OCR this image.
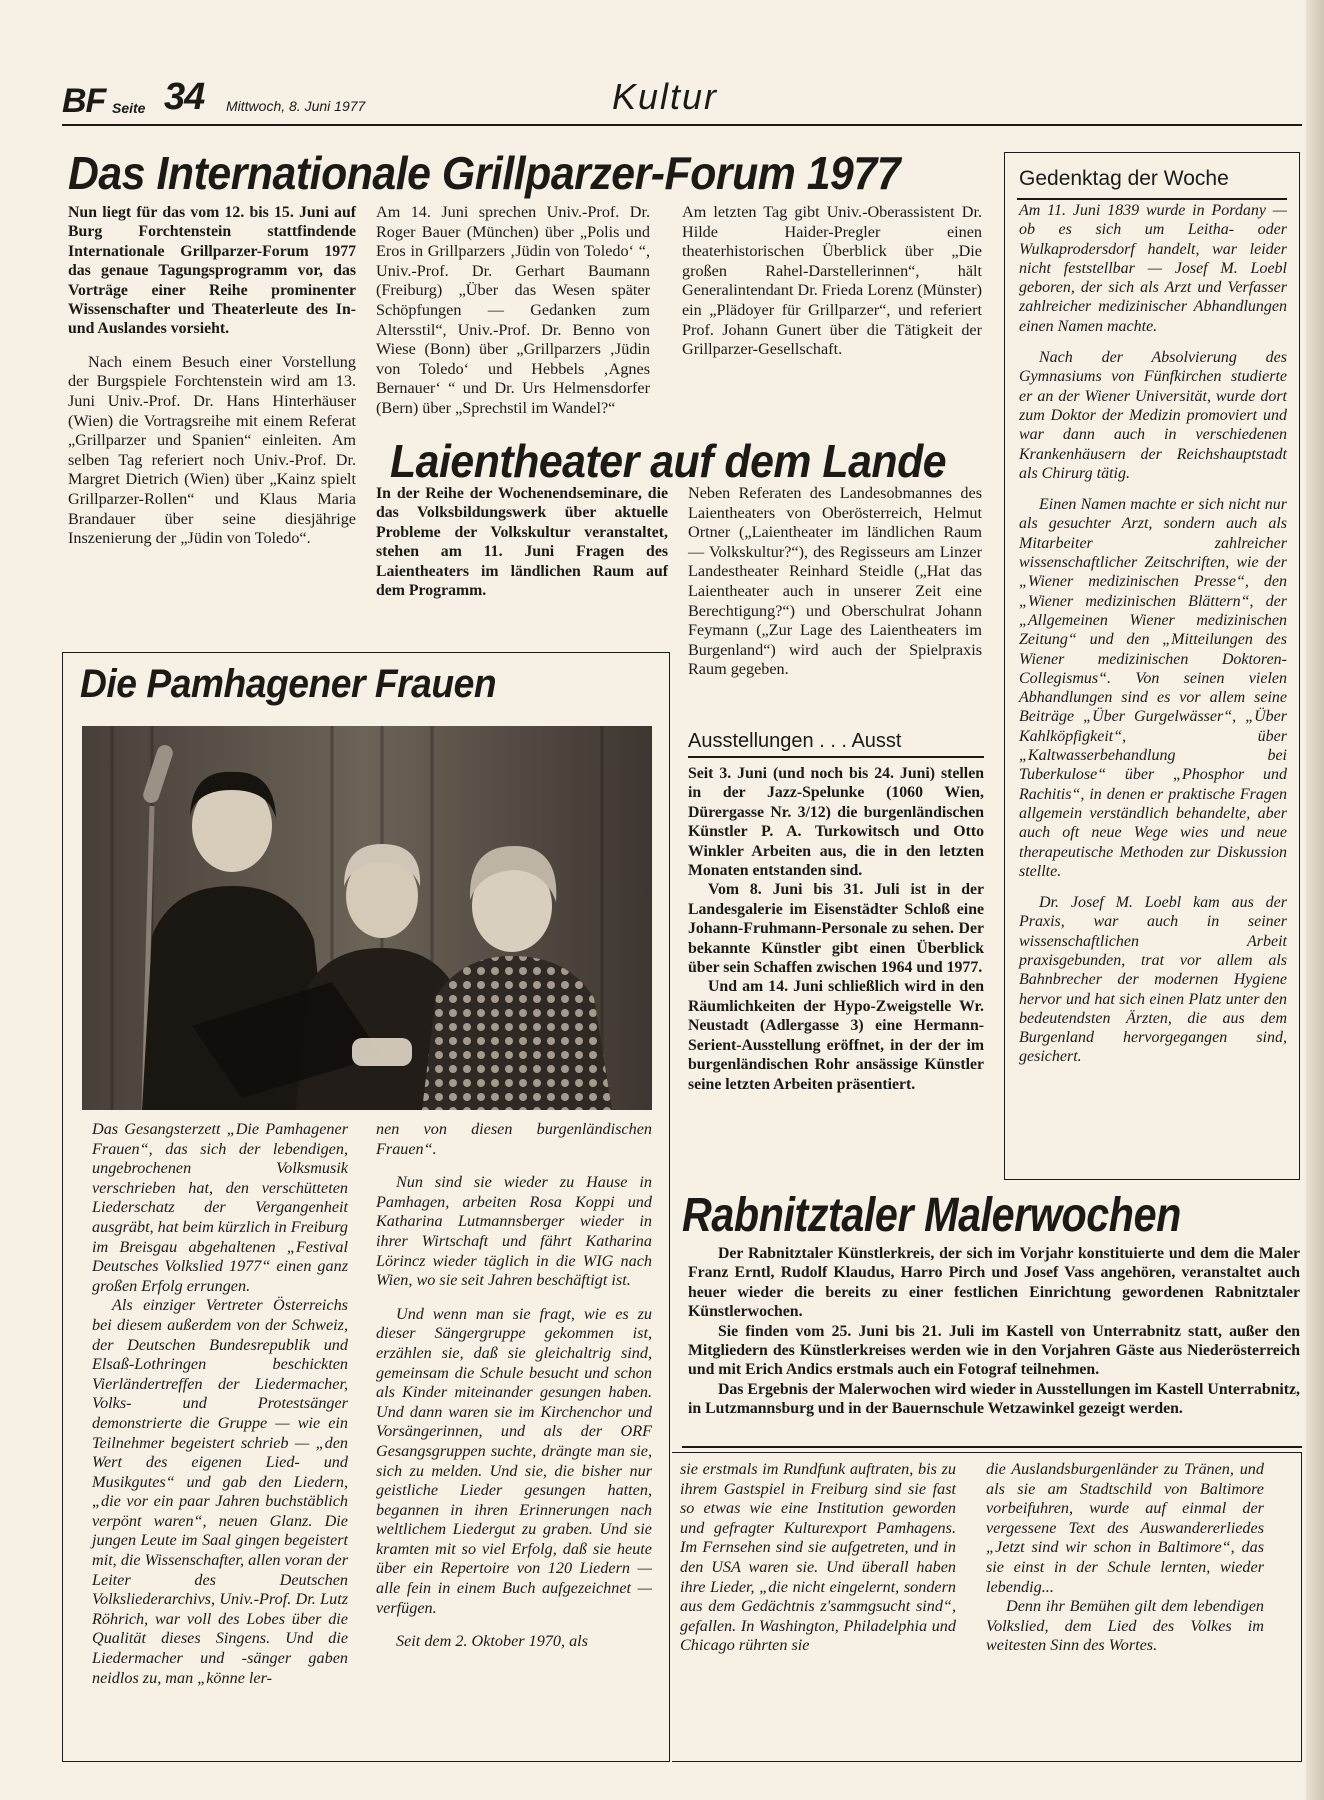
BF Seite 34 Mittwoch, 8. Juni 1977	Kultur
Das Internationale Grillparzer-Forum 1977

Nun liegt für das vom 12. bis 15. Juni auf Burg Forchtenstein stattfindende Internationale Grillparzer-Forum 1977 das genaue Tagungsprogramm vor, das Vorträge einer Reihe prominenter Wissenschafter und Theaterleute des In- und Auslandes vorsieht.

Nach einem Besuch einer Vorstellung der Burgspiele Forchtenstein wird am 13. Juni Univ.-Prof. Dr. Hans Hinterhäuser (Wien) die Vortragsreihe mit einem Referat „Grillparzer und Spanien“ einleiten. Am selben Tag referiert noch Univ.-Prof. Dr. Margret Dietrich (Wien) über „Kainz spielt Grillparzer-Rollen“ und Klaus Maria Brandauer über seine diesjährige Inszenierung der „Jüdin von Toledo“.

Am 14. Juni sprechen Univ.-Prof. Dr. Roger Bauer (München) über „Polis und Eros in Grillparzers ‚Jüdin von Toledo‘ “, Univ.-Prof. Dr. Gerhart Baumann (Freiburg) „Über das Wesen später Schöpfungen — Gedanken zum Altersstil“, Univ.-Prof. Dr. Benno von Wiese (Bonn) über „Grillparzers ‚Jüdin von Toledo‘ und Hebbels ‚Agnes Bernauer‘ “ und Dr. Urs Helmensdorfer (Bern) über „Sprechstil im Wandel?“

Am letzten Tag gibt Univ.-Oberassistent Dr. Hilde Haider-Pregler einen theaterhistorischen Überblick über „Die großen Rahel-Darstellerinnen“, hält Generalintendant Dr. Frieda Lorenz (Münster) ein „Plädoyer für Grillparzer“, und referiert Prof. Johann Gunert über die Tätigkeit der Grillparzer-Gesellschaft.

Gedenktag der Woche

Am 11. Juni 1839 wurde in Pordany — ob es sich um Leitha- oder Wulkaprodersdorf handelt, war leider nicht feststellbar — Josef M. Loebl geboren, der sich als Arzt und Verfasser zahlreicher medizinischer Abhandlungen einen Namen machte.

Nach der Absolvierung des Gymnasiums von Fünfkirchen studierte er an der Wiener Universität, wurde dort zum Doktor der Medizin promoviert und war dann auch in verschiedenen Krankenhäusern der Reichshauptstadt als Chirurg tätig.

Einen Namen machte er sich nicht nur als gesuchter Arzt, sondern auch als Mitarbeiter zahlreicher wissenschaftlicher Zeitschriften, wie der „Wiener medizinischen Presse“, den „Wiener medizinischen Blättern“, der „Allgemeinen Wiener medizinischen Zeitung“ und den „Mitteilungen des Wiener medizinischen Doktoren-Collegismus“. Von seinen vielen Abhandlungen sind es vor allem seine Beiträge „Über Gurgelwässer“, „Über Kahlköpfigkeit“, über „Kaltwasserbehandlung bei Tuberkulose“ über „Phosphor und Rachitis“, in denen er praktische Fragen allgemein verständlich behandelte, aber auch oft neue Wege wies und neue therapeutische Methoden zur Diskussion stellte.

Dr. Josef M. Loebl kam aus der Praxis, war auch in seiner wissenschaftlichen Arbeit praxisgebunden, trat vor allem als Bahnbrecher der modernen Hygiene hervor und hat sich einen Platz unter den bedeutendsten Ärzten, die aus dem Burgenland hervorgegangen sind, gesichert.

Laientheater auf dem Lande
In der Reihe der Wochenendseminare, die das Volksbildungswerk über aktuelle Probleme der Volkskultur veranstaltet, stehen am 11. Juni Fragen des Laientheaters im ländlichen Raum auf dem Programm.
Neben Referaten des Landesobmannes des Laientheaters von Oberösterreich, Helmut Ortner („Laientheater im ländlichen Raum — Volkskultur?“), des Regisseurs am Linzer Landestheater Reinhard Steidle („Hat das Laientheater auch in unserer Zeit eine Berechtigung?“) und Oberschulrat Johann Feymann („Zur Lage des Laientheaters im Burgenland“) wird auch der Spielpraxis Raum gegeben.
Ausstellungen . . . Ausst

Seit 3. Juni (und noch bis 24. Juni) stellen in der Jazz-Spelunke (1060 Wien, Dürergasse Nr. 3/12) die burgenländischen Künstler P. A. Turkowitsch und Otto Winkler Arbeiten aus, die in den letzten Monaten entstanden sind.

Vom 8. Juni bis 31. Juli ist in der Landesgalerie im Eisenstädter Schloß eine Johann-Fruhmann-Personale zu sehen. Der bekannte Künstler gibt einen Überblick über sein Schaffen zwischen 1964 und 1977.

Und am 14. Juni schließlich wird in den Räumlichkeiten der Hypo-Zweigstelle Wr. Neustadt (Adlergasse 3) eine Hermann-Serient-Ausstellung eröffnet, in der der im burgenländischen Rohr ansässige Künstler seine letzten Arbeiten präsentiert.

Die Pamhagener Frauen

Das Gesangsterzett „Die Pamhagener Frauen“, das sich der lebendigen, ungebrochenen Volksmusik verschrieben hat, den verschütteten Liederschatz der Vergangenheit ausgräbt, hat beim kürzlich in Freiburg im Breisgau abgehaltenen „Festival Deutsches Volkslied 1977“ einen ganz großen Erfolg errungen.

Als einziger Vertreter Österreichs bei diesem außerdem von der Schweiz, der Deutschen Bundesrepublik und Elsaß-Lothringen beschickten Vierländertreffen der Liedermacher, Volks- und Protestsänger demonstrierte die Gruppe — wie ein Teilnehmer begeistert schrieb — „den Wert des eigenen Lied- und Musikgutes“ und gab den Liedern, „die vor ein paar Jahren buchstäblich verpönt waren“, neuen Glanz. Die jungen Leute im Saal gingen begeistert mit, die Wissenschafter, allen voran der Leiter des Deutschen Volksliederarchivs, Univ.-Prof. Dr. Lutz Röhrich, war voll des Lobes über die Qualität dieses Singens. Und die Liedermacher und -sänger gaben neidlos zu, man „könne ler-

nen von diesen burgenländischen Frauen“.

Nun sind sie wieder zu Hause in Pamhagen, arbeiten Rosa Koppi und Katharina Lutmannsberger wieder in ihrer Wirtschaft und fährt Katharina Lörincz wieder täglich in die WIG nach Wien, wo sie seit Jahren beschäftigt ist.

Und wenn man sie fragt, wie es zu dieser Sängergruppe gekommen ist, erzählen sie, daß sie gleichaltrig sind, gemeinsam die Schule besucht und schon als Kinder miteinander gesungen haben. Und dann waren sie im Kirchenchor und Vorsängerinnen, und als der ORF Gesangsgruppen suchte, drängte man sie, sich zu melden. Und sie, die bisher nur geistliche Lieder gesungen hatten, begannen in ihren Erinnerungen nach weltlichem Liedergut zu graben. Und sie kramten mit so viel Erfolg, daß sie heute über ein Repertoire von 120 Liedern — alle fein in einem Buch aufgezeichnet — verfügen.

Seit dem 2. Oktober 1970, als

sie erstmals im Rundfunk auftraten, bis zu ihrem Gastspiel in Freiburg sind sie fast so etwas wie eine Institution geworden und gefragter Kulturexport Pamhagens. Im Fernsehen sind sie aufgetreten, und in den USA waren sie. Und überall haben ihre Lieder, „die nicht eingelernt, sondern aus dem Gedächtnis z'sammgsucht sind“, gefallen. In Washington, Philadelphia und Chicago rührten sie

die Auslandsburgenländer zu Tränen, und als sie am Stadtschild von Baltimore vorbeifuhren, wurde auf einmal der vergessene Text des Auswandererliedes „Jetzt sind wir schon in Baltimore“, das sie einst in der Schule lernten, wieder lebendig...

Denn ihr Bemühen gilt dem lebendigen Volkslied, dem Lied des Volkes im weitesten Sinn des Wortes.

Rabnitztaler Malerwochen

Der Rabnitztaler Künstlerkreis, der sich im Vorjahr konstituierte und dem die Maler Franz Erntl, Rudolf Klaudus, Harro Pirch und Josef Vass angehören, veranstaltet auch heuer wieder die bereits zu einer festlichen Einrichtung gewordenen Rabnitztaler Künstlerwochen.

Sie finden vom 25. Juni bis 21. Juli im Kastell von Unterrabnitz statt, außer den Mitgliedern des Künstlerkreises werden wie in den Vorjahren Gäste aus Niederösterreich und mit Erich Andics erstmals auch ein Fotograf teilnehmen.

Das Ergebnis der Malerwochen wird wieder in Ausstellungen im Kastell Unterrabnitz, in Lutzmannsburg und in der Bauernschule Wetzawinkel gezeigt werden.
